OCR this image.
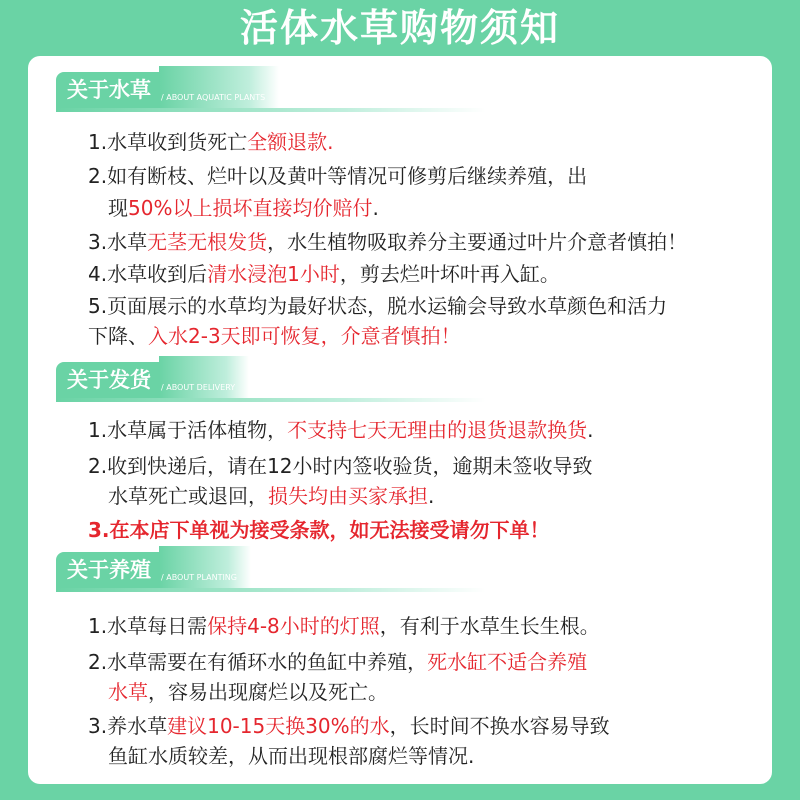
活体水草购物须知
关于水草	/ ABOUT AQUATIC PLANTS
1.水草收到货死亡全额退款.
2.如有断枝、烂叶以及黄叶等情况可修剪后继续养殖，出
现50%以上损坏直接均价赔付.
3.水草无茎无根发货，水生植物吸取养分主要通过叶片介意者慎拍！
4.水草收到后清水浸泡1小时，剪去烂叶坏叶再入缸。
5.页面展示的水草均为最好状态，脱水运输会导致水草颜色和活力
下降、入水2-3天即可恢复，介意者慎拍！
关于发货	/ ABOUT DELIVERY
1.水草属于活体植物，不支持七天无理由的退货退款换货.
2.收到快递后，请在12小时内签收验货，逾期未签收导致
水草死亡或退回，损失均由买家承担.
3.在本店下单视为接受条款，如无法接受请勿下单！
关于养殖	/ ABOUT PLANTING
1.水草每日需保持4-8小时的灯照，有利于水草生长生根。
2.水草需要在有循环水的鱼缸中养殖，死水缸不适合养殖
水草，容易出现腐烂以及死亡。
3.养水草建议10-15天换30%的水，长时间不换水容易导致
鱼缸水质较差，从而出现根部腐烂等情况.
